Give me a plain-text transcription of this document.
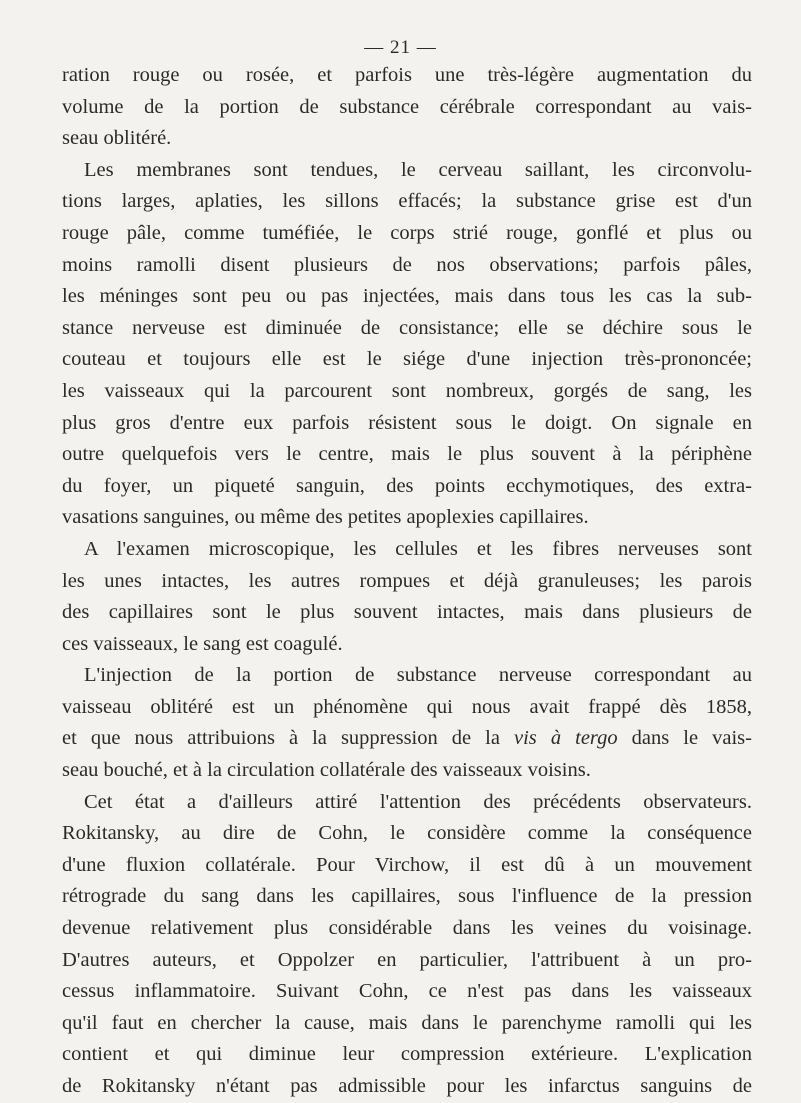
— 21 —
ration rouge ou rosée, et parfois une très-légère augmentation du
volume de la portion de substance cérébrale correspondant au vais-
seau oblitéré.
Les membranes sont tendues, le cerveau saillant, les circonvolu-
tions larges, aplaties, les sillons effacés; la substance grise est d'un
rouge pâle, comme tuméfiée, le corps strié rouge, gonflé et plus ou
moins ramolli disent plusieurs de nos observations; parfois pâles,
les méninges sont peu ou pas injectées, mais dans tous les cas la sub-
stance nerveuse est diminuée de consistance; elle se déchire sous le
couteau et toujours elle est le siége d'une injection très-prononcée;
les vaisseaux qui la parcourent sont nombreux, gorgés de sang, les
plus gros d'entre eux parfois résistent sous le doigt. On signale en
outre quelquefois vers le centre, mais le plus souvent à la périphène
du foyer, un piqueté sanguin, des points ecchymotiques, des extra-
vasations sanguines, ou même des petites apoplexies capillaires.
A l'examen microscopique, les cellules et les fibres nerveuses sont
les unes intactes, les autres rompues et déjà granuleuses; les parois
des capillaires sont le plus souvent intactes, mais dans plusieurs de
ces vaisseaux, le sang est coagulé.
L'injection de la portion de substance nerveuse correspondant au
vaisseau oblitéré est un phénomène qui nous avait frappé dès 1858,
et que nous attribuions à la suppression de la vis à tergo dans le vais-
seau bouché, et à la circulation collatérale des vaisseaux voisins.
Cet état a d'ailleurs attiré l'attention des précédents observateurs.
Rokitansky, au dire de Cohn, le considère comme la conséquence
d'une fluxion collatérale. Pour Virchow, il est dû à un mouvement
rétrograde du sang dans les capillaires, sous l'influence de la pression
devenue relativement plus considérable dans les veines du voisinage.
D'autres auteurs, et Oppolzer en particulier, l'attribuent à un pro-
cessus inflammatoire. Suivant Cohn, ce n'est pas dans les vaisseaux
qu'il faut en chercher la cause, mais dans le parenchyme ramolli qui les
contient et qui diminue leur compression extérieure. L'explication
de Rokitansky n'étant pas admissible pour les infarctus sanguins de
